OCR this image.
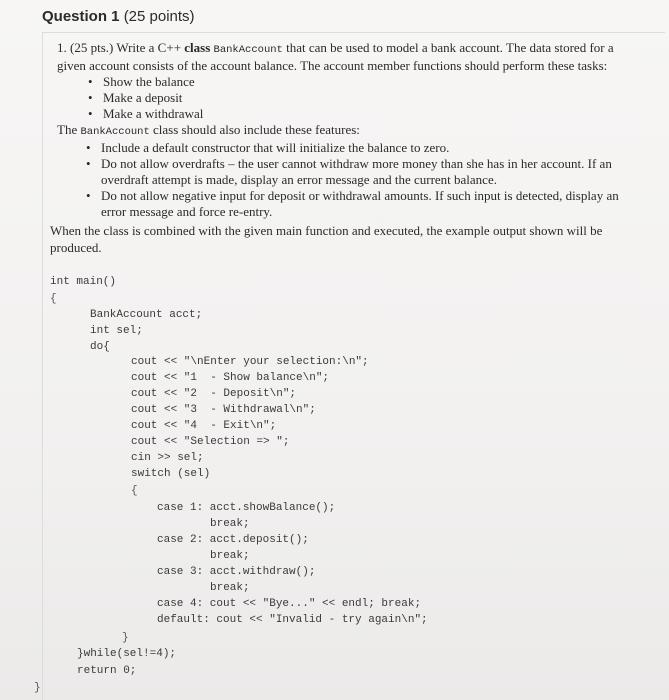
Question 1 (25 points)
1. (25 pts.) Write a C++ class BankAccount that can be used to model a bank account. The data stored for a given account consists of the account balance. The account member functions should perform these tasks:
• Show the balance
• Make a deposit
• Make a withdrawal
The BankAccount class should also include these features:
• Include a default constructor that will initialize the balance to zero.
• Do not allow overdrafts – the user cannot withdraw more money than she has in her account. If an overdraft attempt is made, display an error message and the current balance.
• Do not allow negative input for deposit or withdrawal amounts. If such input is detected, display an error message and force re-entry.
When the class is combined with the given main function and executed, the example output shown will be produced.
int main()
{
BankAccount acct;
int sel;
do{
cout << "\nEnter your selection:\n";
cout << "1  - Show balance\n";
cout << "2  - Deposit\n";
cout << "3  - Withdrawal\n";
cout << "4  - Exit\n";
cout << "Selection => ";
cin >> sel;
switch (sel)
{
case 1: acct.showBalance();
break;
case 2: acct.deposit();
break;
case 3: acct.withdraw();
break;
case 4: cout << "Bye..." << endl; break;
default: cout << "Invalid - try again\n";
}
}while(sel!=4);
return 0;
}
